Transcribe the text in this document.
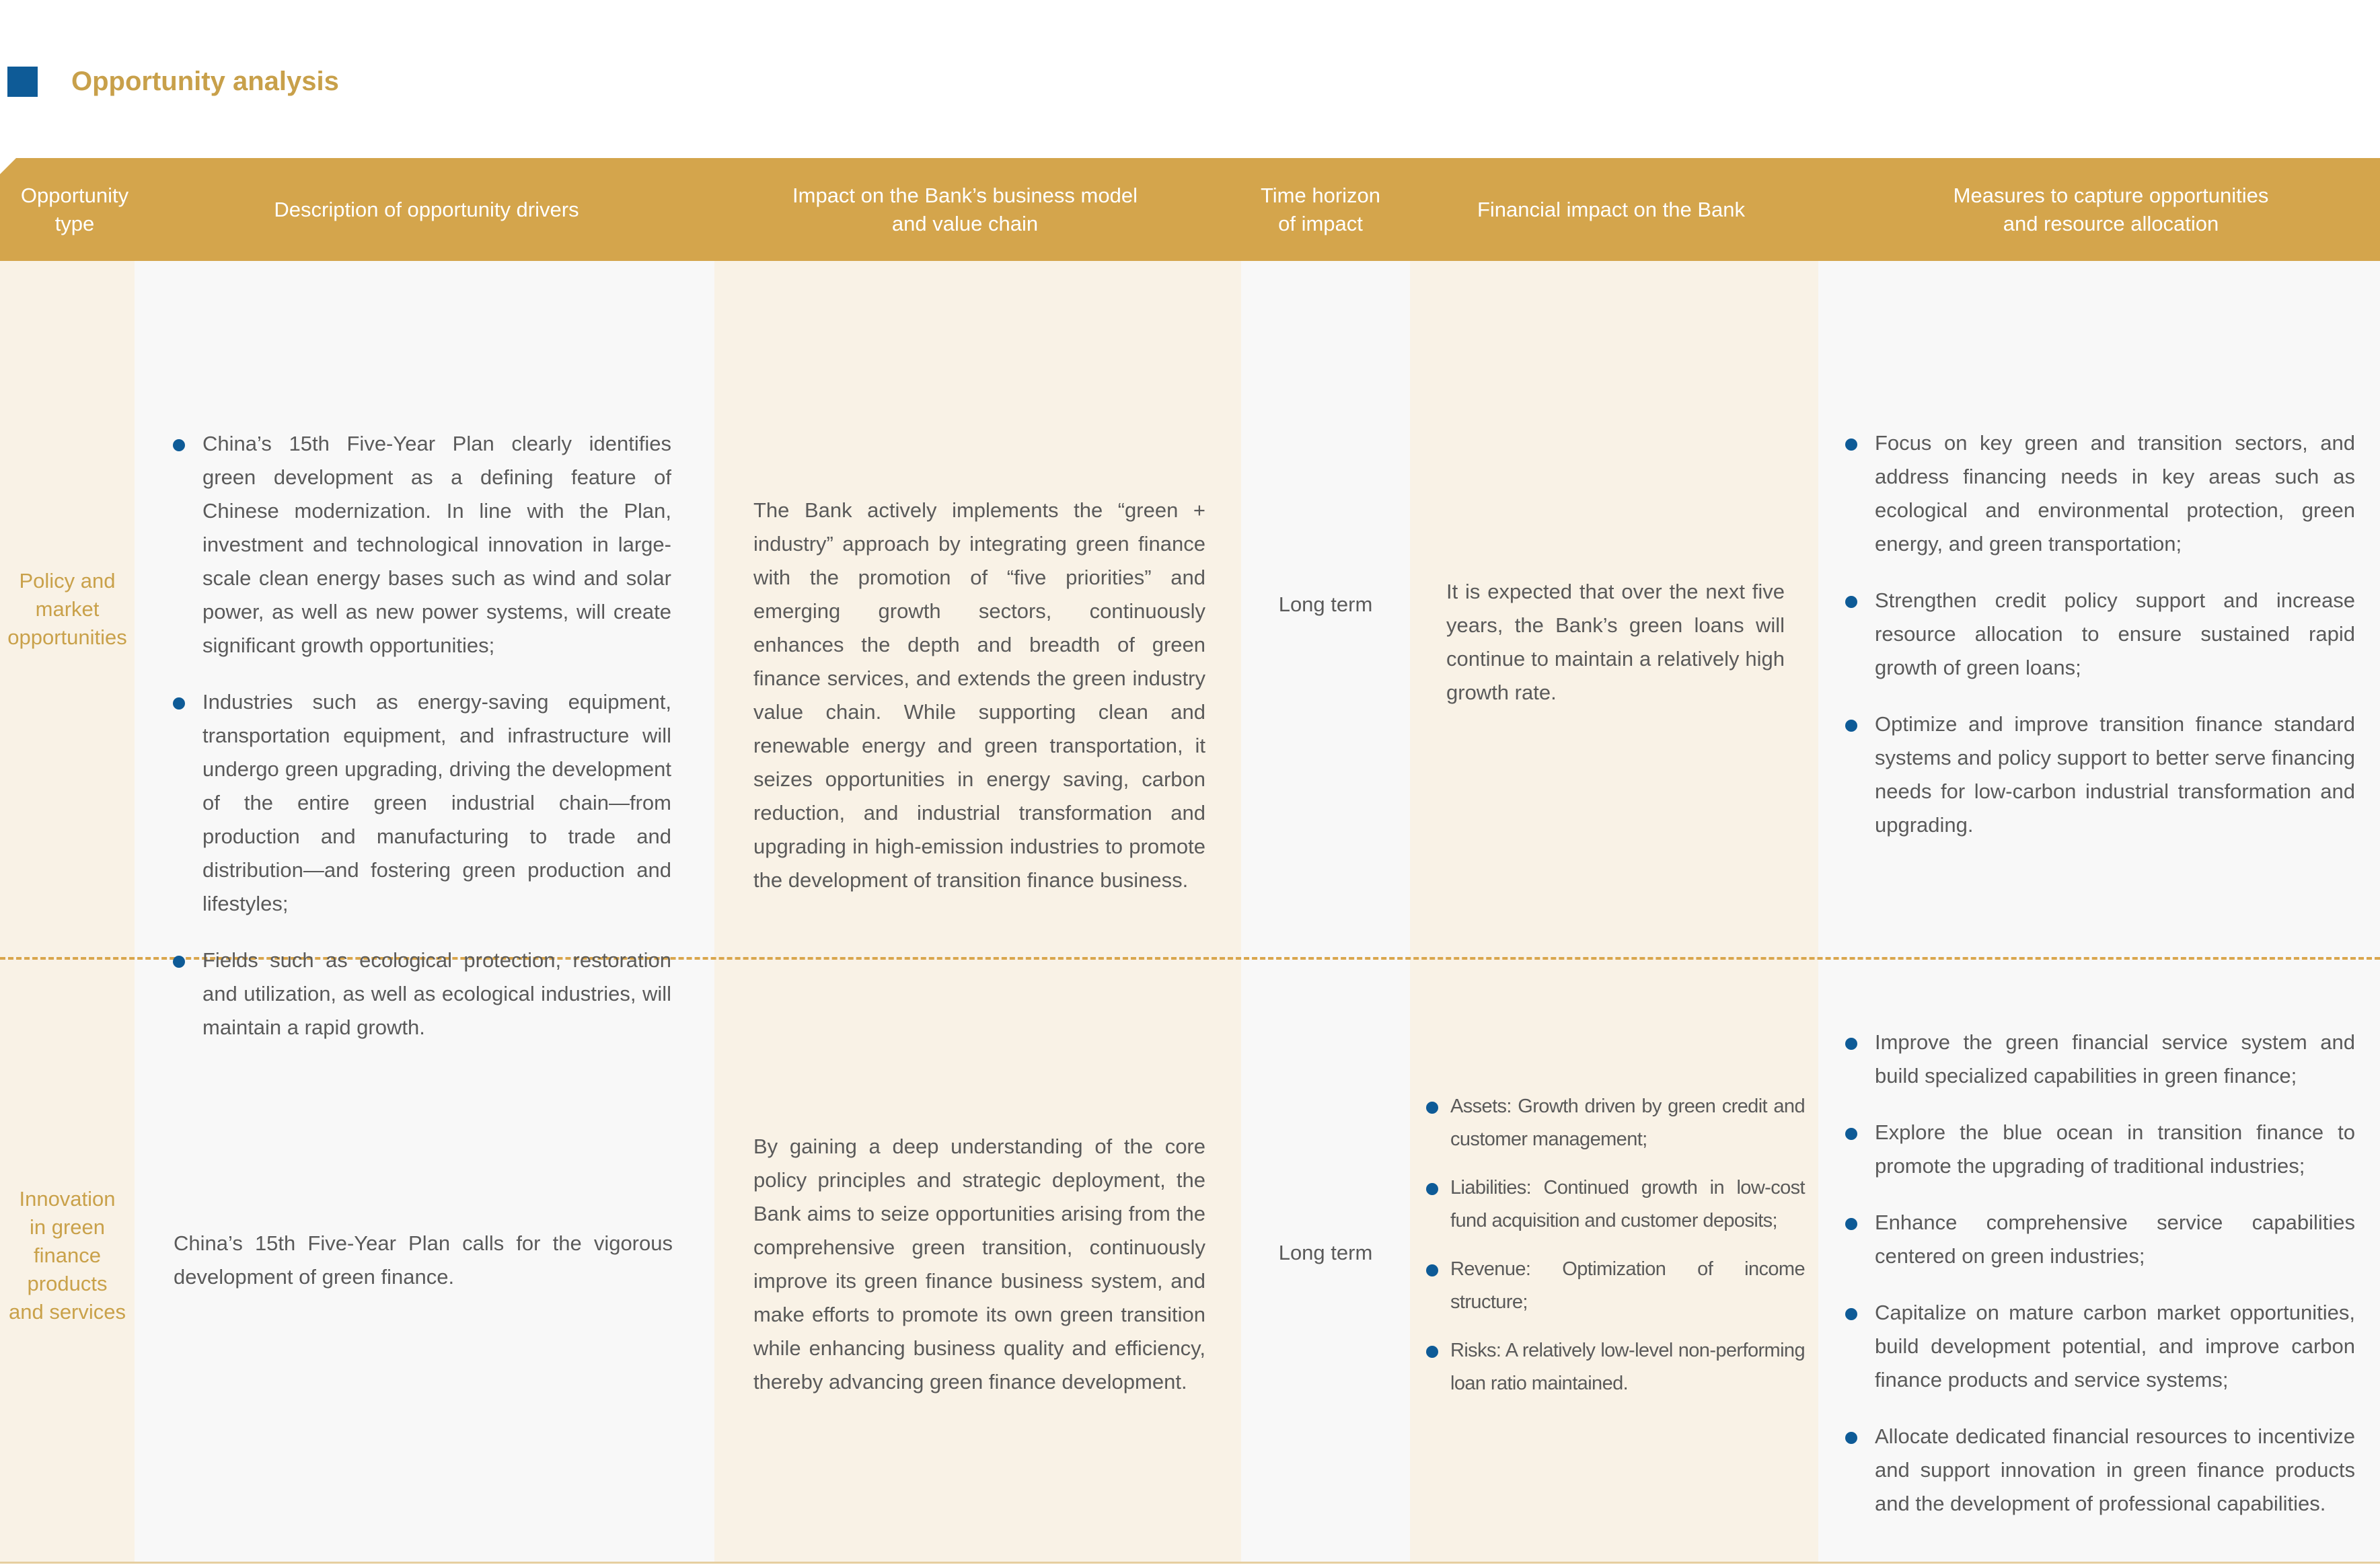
Opportunity analysis
Opportunity
type
Description of opportunity drivers
Impact on the Bank’s business model
and value chain
Time horizon
of impact
Financial impact on the Bank
Measures to capture opportunities
and resource allocation
Policy and
market
opportunities
China’s 15th Five-Year Plan clearly identifies green development as a defining feature of Chinese modernization. In line with the Plan, investment and technological innovation in large-scale clean energy bases such as wind and solar power, as well as new power systems, will create significant growth opportunities;
Industries such as energy-saving equipment, transportation equipment, and infrastructure will undergo green upgrading, driving the development of the entire green industrial chain—from production and manufacturing to trade and distribution—and fostering green production and lifestyles;
Fields such as ecological protection, restoration and utilization, as well as ecological industries, will maintain a rapid growth.

The Bank actively implements the “green + industry” approach by integrating green finance with the promotion of “five priorities” and emerging growth sectors, continuously enhances the depth and breadth of green finance services, and extends the green industry value chain. While supporting clean and renewable energy and green transportation, it seizes opportunities in energy saving, carbon reduction, and industrial transformation and upgrading in high-emission industries to promote the development of transition finance business.

Long term

It is expected that over the next five years, the Bank’s green loans will continue to maintain a relatively high growth rate.

Focus on key green and transition sectors, and address financing needs in key areas such as ecological and environmental protection, green energy, and green transportation;
Strengthen credit policy support and increase resource allocation to ensure sustained rapid growth of green loans;
Optimize and improve transition finance standard systems and policy support to better serve financing needs for low-carbon industrial transformation and upgrading.
Innovation
in green
finance
products
and services

China’s 15th Five-Year Plan calls for the vigorous development of green finance.

By gaining a deep understanding of the core policy principles and strategic deployment, the Bank aims to seize opportunities arising from the comprehensive green transition, continuously improve its green finance business system, and make efforts to promote its own green transition while enhancing business quality and efficiency, thereby advancing green finance development.

Long term
Assets: Growth driven by green credit and customer management;
Liabilities: Continued growth in low-cost fund acquisition and customer deposits;
Revenue: Optimization of income structure;
Risks: A relatively low-level non-performing loan ratio maintained.
Improve the green financial service system and build specialized capabilities in green finance;
Explore the blue ocean in transition finance to promote the upgrading of traditional industries;
Enhance comprehensive service capabilities centered on green industries;
Capitalize on mature carbon market opportunities, build development potential, and improve carbon finance products and service systems;
Allocate dedicated financial resources to incentivize and support innovation in green finance products and the development of professional capabilities.
